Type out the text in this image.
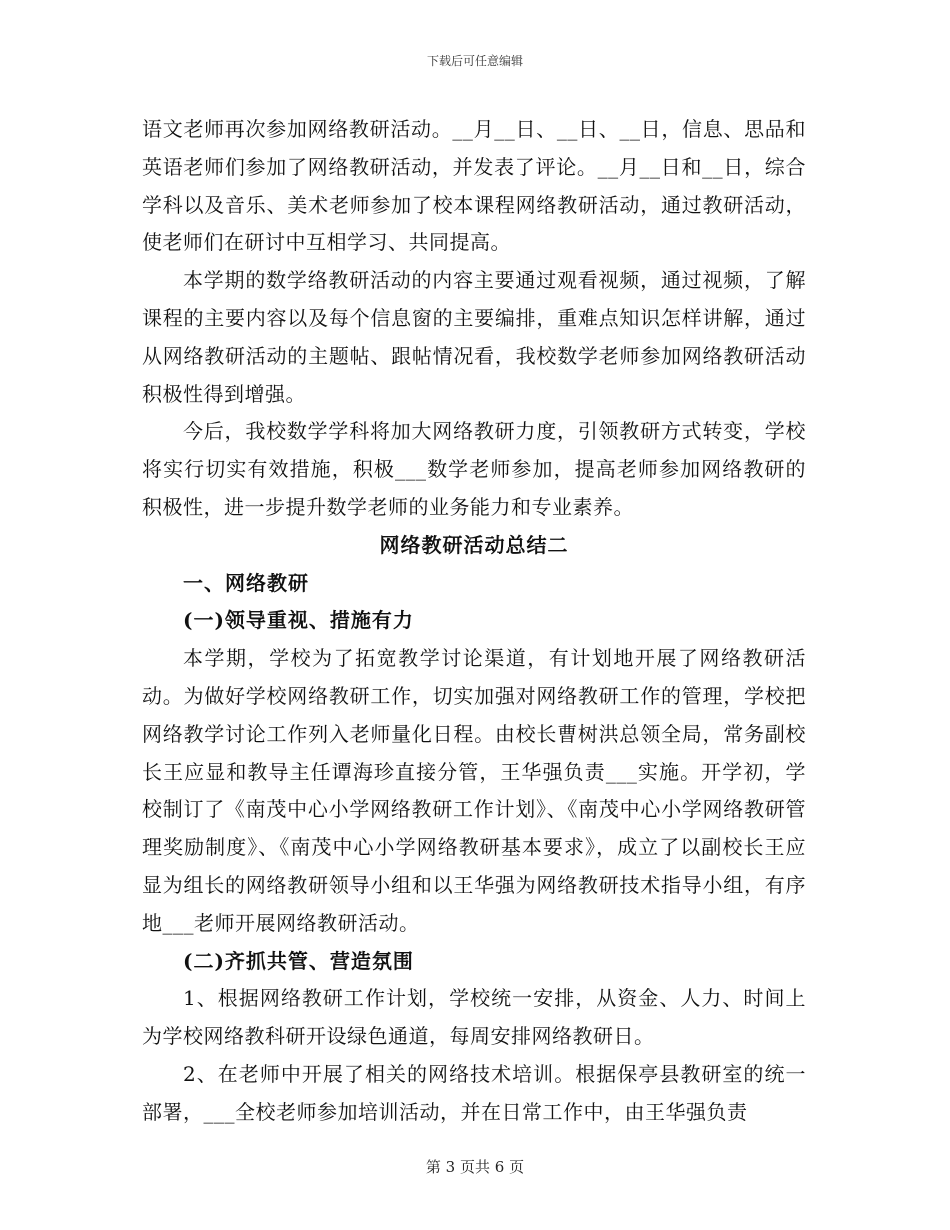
下载后可任意编辑

语文老师再次参加网络教研活动。__月__日、__日、__日，信息、思品和英语老师们参加了网络教研活动，并发表了评论。__月__日和__日，综合学科以及音乐、美术老师参加了校本课程网络教研活动，通过教研活动，使老师们在研讨中互相学习、共同提高。

本学期的数学络教研活动的内容主要通过观看视频，通过视频，了解课程的主要内容以及每个信息窗的主要编排，重难点知识怎样讲解，通过从网络教研活动的主题帖、跟帖情况看，我校数学老师参加网络教研活动积极性得到增强。

今后，我校数学学科将加大网络教研力度，引领教研方式转变，学校将实行切实有效措施，积极___数学老师参加，提高老师参加网络教研的积极性，进一步提升数学老师的业务能力和专业素养。

网络教研活动总结二
一、网络教研
(一)领导重视、措施有力

本学期，学校为了拓宽教学讨论渠道，有计划地开展了网络教研活动。为做好学校网络教研工作，切实加强对网络教研工作的管理，学校把网络教学讨论工作列入老师量化日程。由校长曹树洪总领全局，常务副校长王应显和教导主任谭海珍直接分管，王华强负责___实施。开学初，学校制订了《南茂中心小学网络教研工作计划》、《南茂中心小学网络教研管理奖励制度》、《南茂中心小学网络教研基本要求》，成立了以副校长王应显为组长的网络教研领导小组和以王华强为网络教研技术指导小组，有序地___老师开展网络教研活动。

(二)齐抓共管、营造氛围

1、根据网络教研工作计划，学校统一安排，从资金、人力、时间上为学校网络教科研开设绿色通道，每周安排网络教研日。

2、在老师中开展了相关的网络技术培训。根据保亭县教研室的统一部署，___全校老师参加培训活动，并在日常工作中，由王华强负责

第 3 页共 6 页
